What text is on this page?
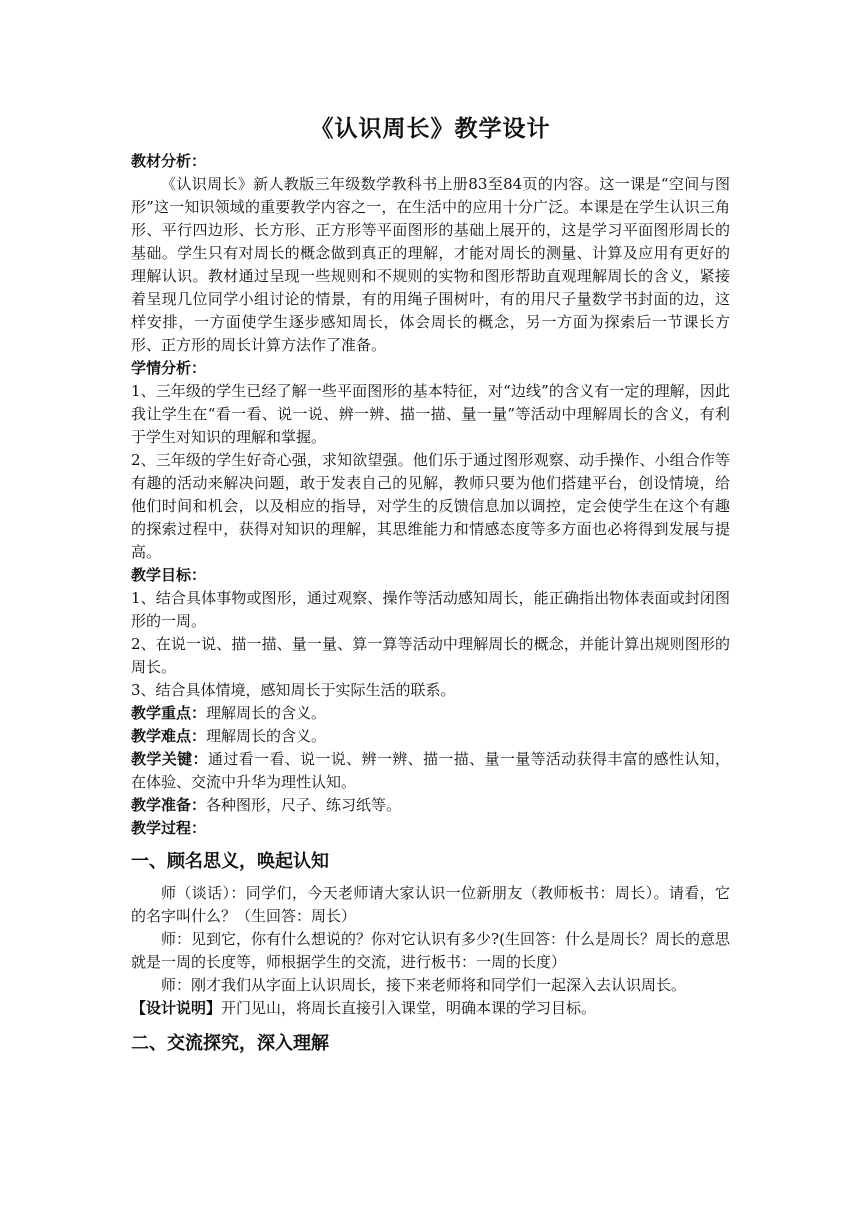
《认识周长》教学设计

教材分析：

《认识周长》新人教版三年级数学教科书上册83至84页的内容。这一课是“空间与图形”这一知识领域的重要教学内容之一，在生活中的应用十分广泛。本课是在学生认识三角形、平行四边形、长方形、正方形等平面图形的基础上展开的，这是学习平面图形周长的基础。学生只有对周长的概念做到真正的理解，才能对周长的测量、计算及应用有更好的理解认识。教材通过呈现一些规则和不规则的实物和图形帮助直观理解周长的含义，紧接着呈现几位同学小组讨论的情景，有的用绳子围树叶，有的用尺子量数学书封面的边，这样安排，一方面使学生逐步感知周长，体会周长的概念，另一方面为探索后一节课长方形、正方形的周长计算方法作了准备。

学情分析：

1、三年级的学生已经了解一些平面图形的基本特征，对“边线”的含义有一定的理解，因此我让学生在“看一看、说一说、辨一辨、描一描、量一量”等活动中理解周长的含义，有利于学生对知识的理解和掌握。

2、三年级的学生好奇心强，求知欲望强。他们乐于通过图形观察、动手操作、小组合作等有趣的活动来解决问题，敢于发表自己的见解，教师只要为他们搭建平台，创设情境，给他们时间和机会，以及相应的指导，对学生的反馈信息加以调控，定会使学生在这个有趣的探索过程中，获得对知识的理解，其思维能力和情感态度等多方面也必将得到发展与提高。

教学目标：

1、结合具体事物或图形，通过观察、操作等活动感知周长，能正确指出物体表面或封闭图形的一周。

2、在说一说、描一描、量一量、算一算等活动中理解周长的概念，并能计算出规则图形的周长。

3、结合具体情境，感知周长于实际生活的联系。

教学重点：理解周长的含义。

教学难点：理解周长的含义。

教学关键：通过看一看、说一说、辨一辨、描一描、量一量等活动获得丰富的感性认知，在体验、交流中升华为理性认知。

教学准备：各种图形，尺子、练习纸等。

教学过程：

一、顾名思义，唤起认知

师（谈话）：同学们，今天老师请大家认识一位新朋友（教师板书：周长）。请看，它的名字叫什么？（生回答：周长）

师：见到它，你有什么想说的？你对它认识有多少?(生回答：什么是周长？周长的意思就是一周的长度等，师根据学生的交流，进行板书：一周的长度）

师：刚才我们从字面上认识周长，接下来老师将和同学们一起深入去认识周长。

【设计说明】开门见山，将周长直接引入课堂，明确本课的学习目标。

二、交流探究，深入理解
